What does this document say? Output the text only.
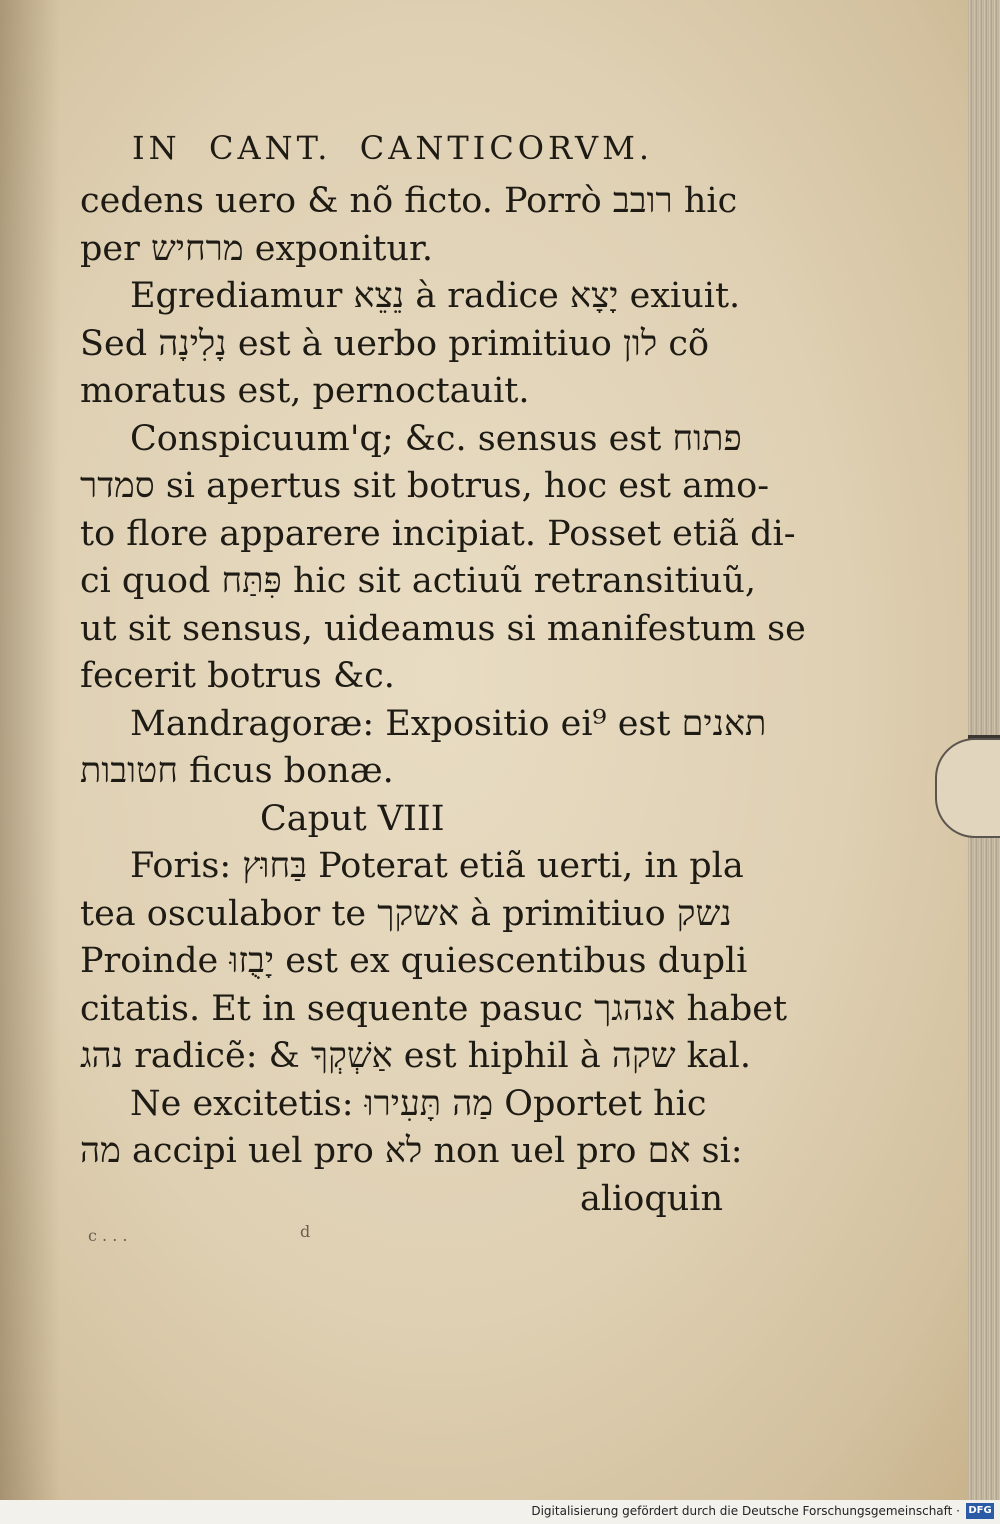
IN  CANT.  CANTICORVM.
cedens uero & nõ ficto. Porrò רובב hic
per מרחיש exponitur.
Egrediamur נֵצֵא à radice יָצָא exiuit.
Sed נָלִינָה est à uerbo primitiuo לון cõ
moratus est, pernoctauit.
Conspicuum'q; &c. sensus est פתוח
סמדר si apertus sit botrus, hoc est amo-
to flore apparere incipiat. Posset etiã di-
ci quod פִּתַּח hic sit actiuũ retransitiuũ,
ut sit sensus, uideamus si manifestum se
fecerit botrus &c.
Mandragoræ: Expositio ei⁹ est תאנים
חטובות ficus bonæ.
Caput VIII
Foris: בַּחוּץ Poterat etiã uerti, in pla
tea osculabor te אשקך à primitiuo נשק
Proinde יָבֻזוּ est ex quiescentibus dupli
citatis. Et in sequente pasuc אנהגך habet
נהג radicẽ: & אַשְׁקְךָ est hiphil à שקה kal.
Ne excitetis: מַה תָּעִירוּ Oportet hic
מה accipi uel pro לא non uel pro אם si:
alioquin
c . . .	d
Digitalisierung gefördert durch die Deutsche Forschungsgemeinschaft · DFG
